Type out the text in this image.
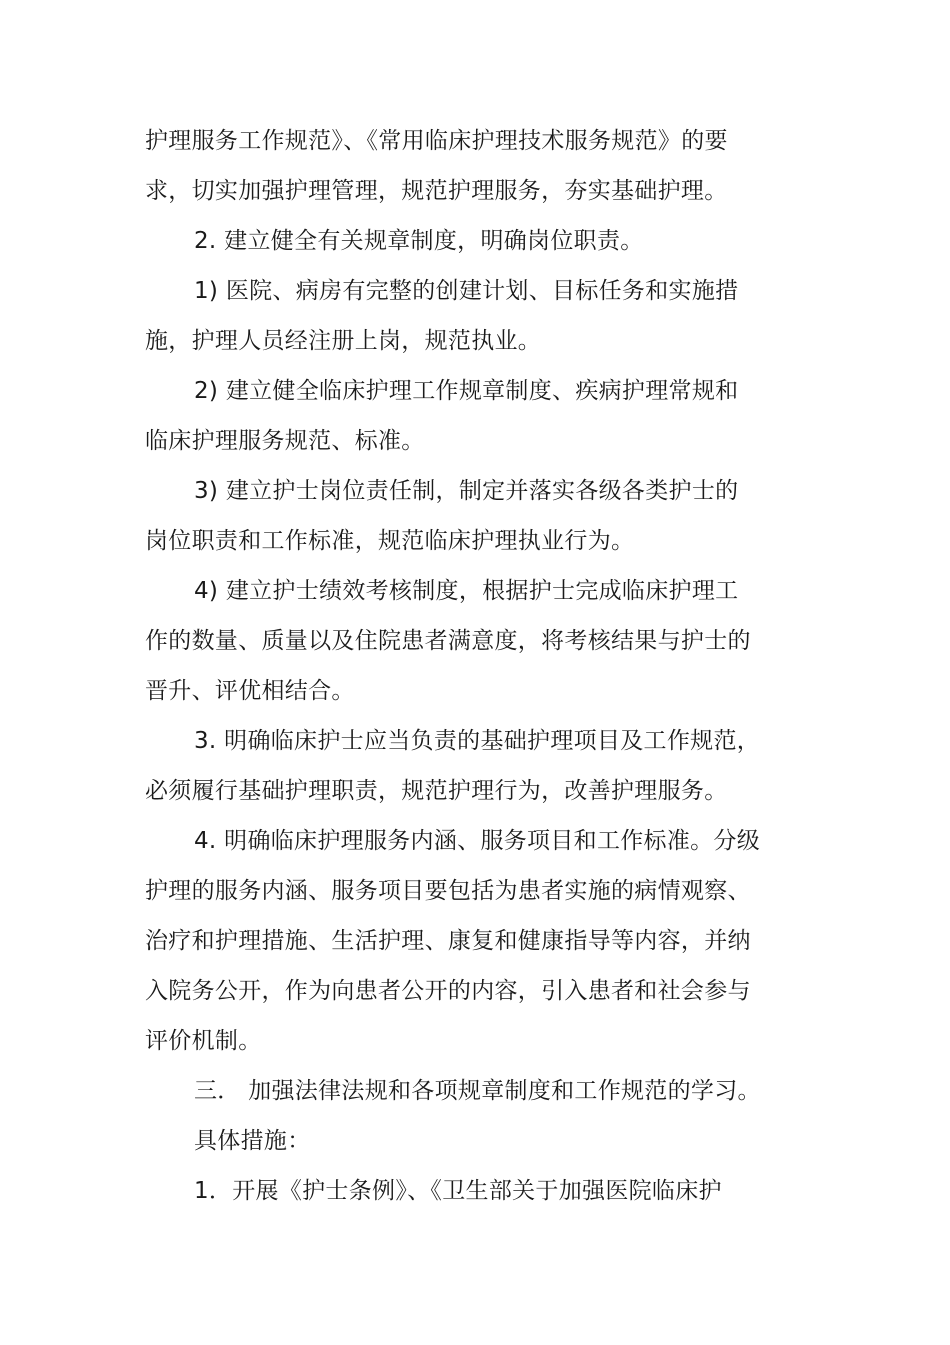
护理服务工作规范》、《常用临床护理技术服务规范》的要
求，切实加强护理管理，规范护理服务，夯实基础护理。
2. 建立健全有关规章制度，明确岗位职责。
1) 医院、病房有完整的创建计划、目标任务和实施措
施，护理人员经注册上岗，规范执业。
2) 建立健全临床护理工作规章制度、疾病护理常规和
临床护理服务规范、标准。
3) 建立护士岗位责任制，制定并落实各级各类护士的
岗位职责和工作标准，规范临床护理执业行为。
4) 建立护士绩效考核制度，根据护士完成临床护理工
作的数量、质量以及住院患者满意度，将考核结果与护士的
晋升、评优相结合。
3. 明确临床护士应当负责的基础护理项目及工作规范，
必须履行基础护理职责，规范护理行为，改善护理服务。
4. 明确临床护理服务内涵、服务项目和工作标准。分级
护理的服务内涵、服务项目要包括为患者实施的病情观察、
治疗和护理措施、生活护理、康复和健康指导等内容，并纳
入院务公开，作为向患者公开的内容，引入患者和社会参与
评价机制。
三． 加强法律法规和各项规章制度和工作规范的学习。
具体措施：
1．开展《护士条例》、《卫生部关于加强医院临床护
